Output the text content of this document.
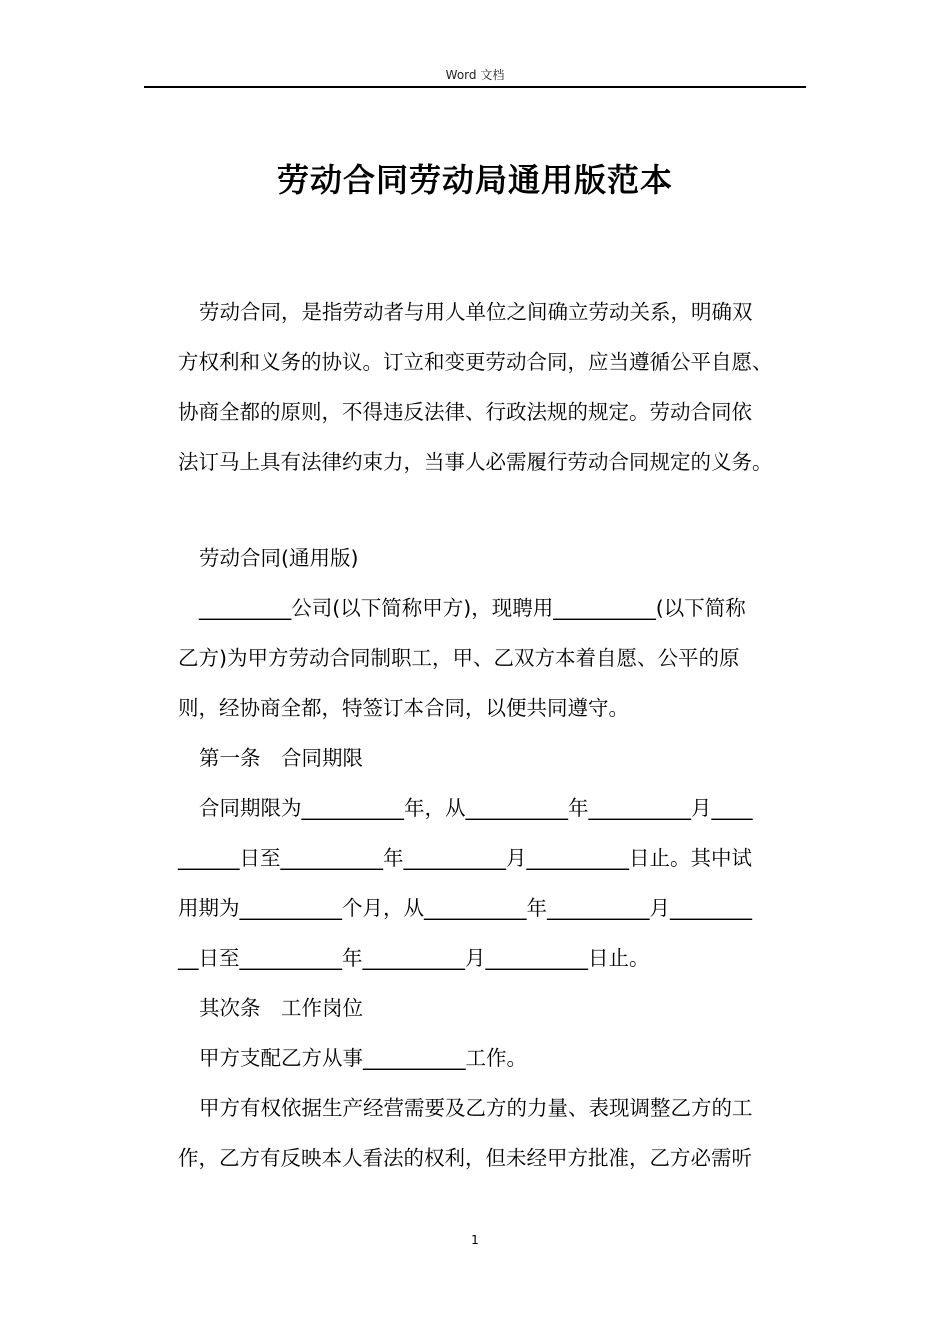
Word 文档
劳动合同劳动局通用版范本
劳动合同，是指劳动者与用人单位之间确立劳动关系，明确双
方权利和义务的协议。订立和变更劳动合同，应当遵循公平自愿、
协商全都的原则，不得违反法律、行政法规的规定。劳动合同依
法订马上具有法律约束力，当事人必需履行劳动合同规定的义务。
劳动合同(通用版)
_________公司(以下简称甲方)，现聘用__________(以下简称
乙方)为甲方劳动合同制职工，甲、乙双方本着自愿、公平的原
则，经协商全都，特签订本合同，以便共同遵守。
第一条　合同期限
合同期限为__________年，从__________年__________月____
______日至__________年__________月__________日止。其中试
用期为__________个月，从__________年__________月________
__日至__________年__________月__________日止。
其次条　工作岗位
甲方支配乙方从事__________工作。
甲方有权依据生产经营需要及乙方的力量、表现调整乙方的工
作，乙方有反映本人看法的权利，但未经甲方批准，乙方必需听
1
